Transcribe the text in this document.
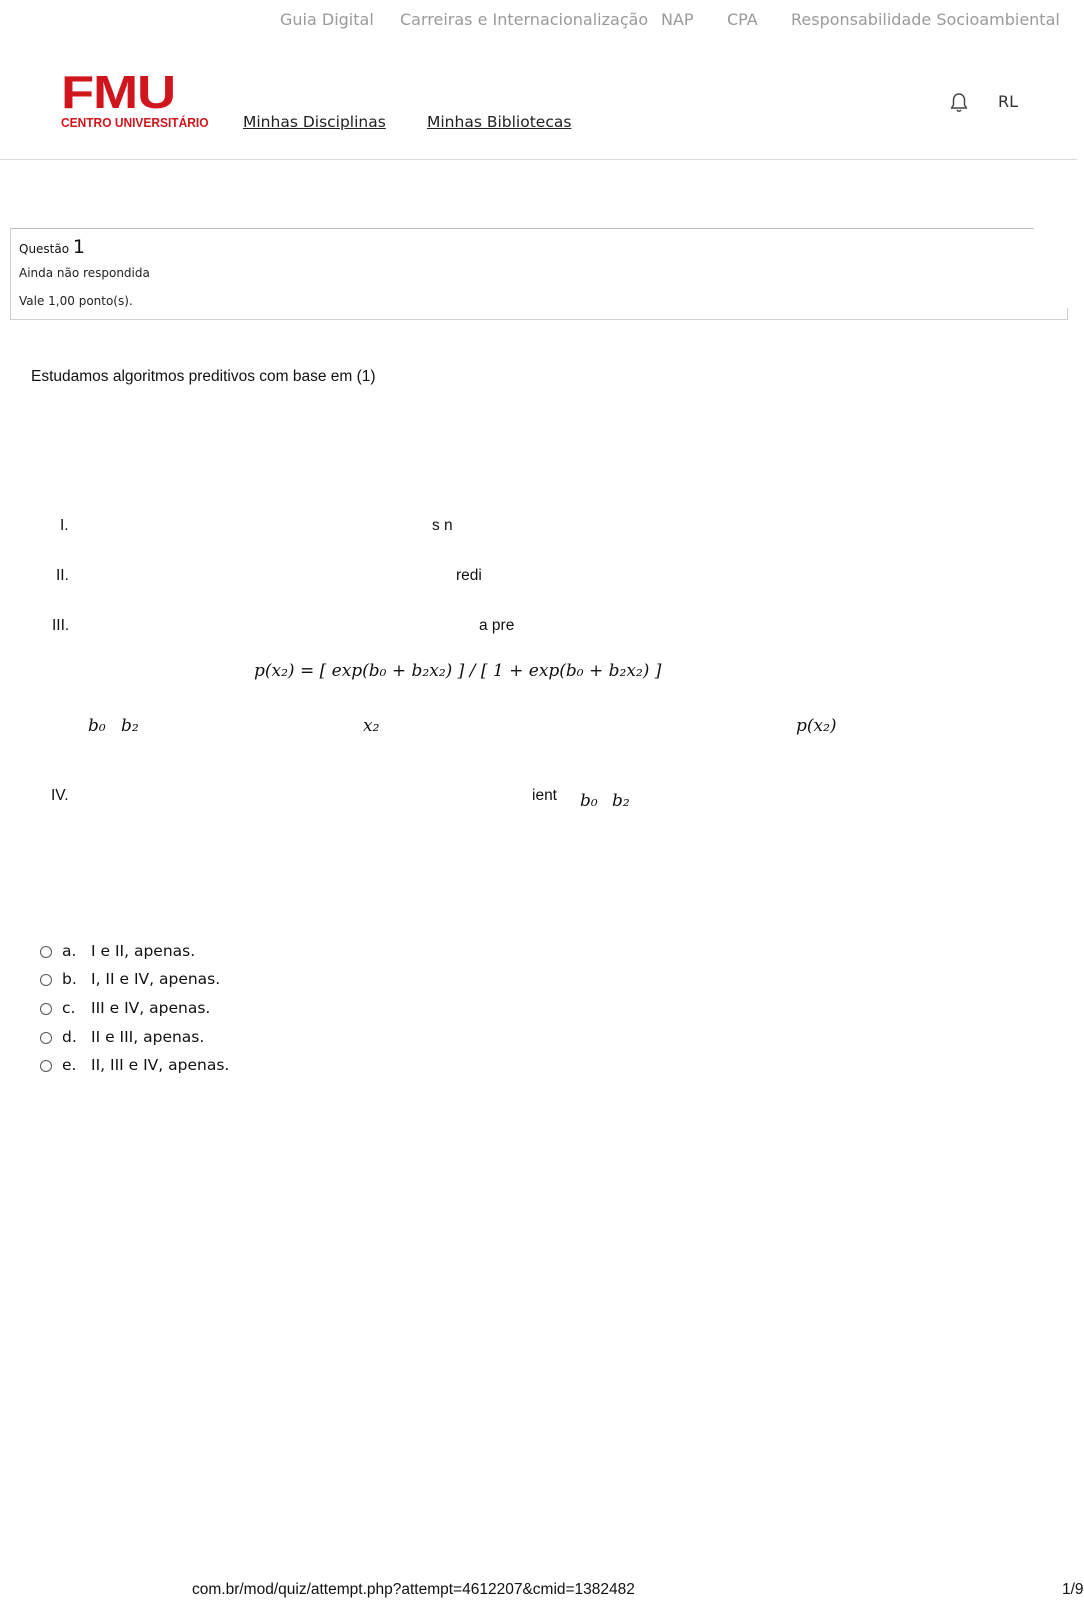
Guia Digital Carreiras e Internacionalização NAP CPA Responsabilidade Socioambiental
FMU
CENTRO UNIVERSITÁRIO Minhas Disciplinas	Minhas Bibliotecas
RL
Questão 1
Ainda não respondida
Vale 1,00 ponto(s).
Estudamos algoritmos preditivos com base em (1)
I.	s n
II.	redi
III.	a pre
p(x₂) = [ exp(b₀ + b₂x₂) ] / [ 1 + exp(b₀ + b₂x₂) ]
b₀ b₂	x₂	p(x₂)
IV.	ient b₀ b₂
a. I e II, apenas.
b. I, II e IV, apenas.
c. III e IV, apenas.
d. II e III, apenas.
e. II, III e IV, apenas.
com.br/mod/quiz/attempt.php?attempt=4612207&cmid=1382482	1/9
